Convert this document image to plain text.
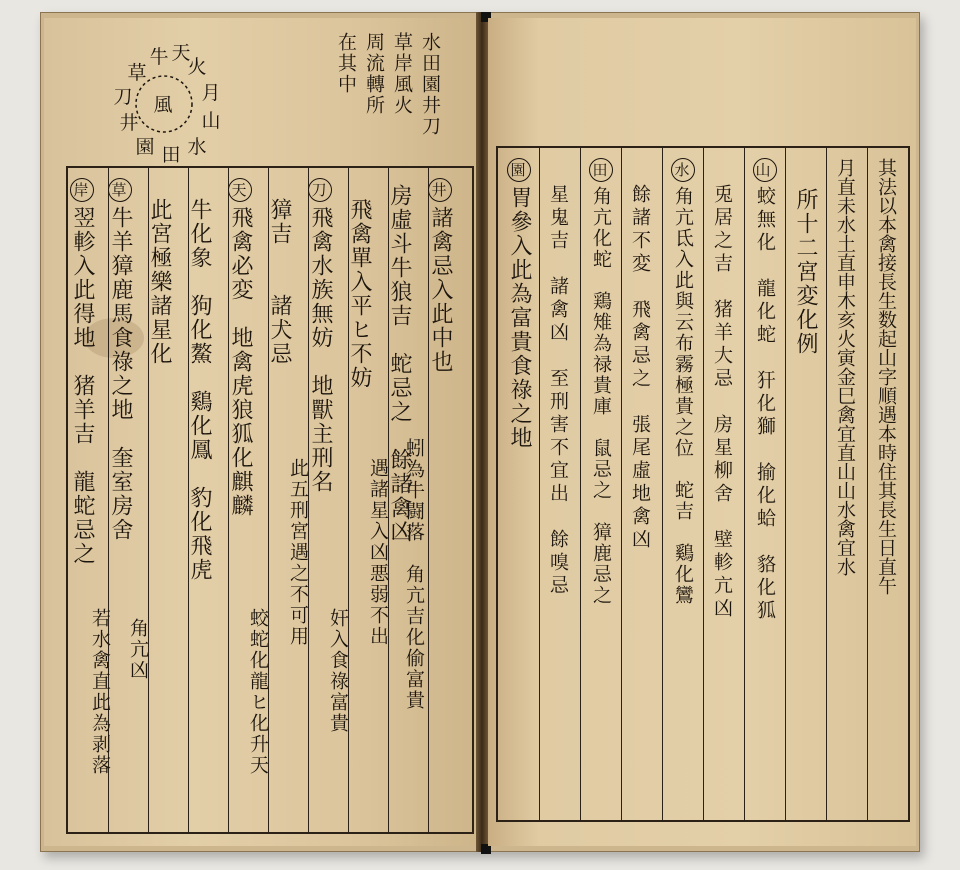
火
月
山
水
田
園
井
刀
草
牛 天
風	水田園井刀
草岸風火
周流轉所
在其中
井諸禽忌入此中也
蚓為牛闘落　角亢吉化偷富貴
房虛斗牛狼吉　蛇忌之　餘諸禽凶
飛禽單入平ヒ不妨
遇諸星入凶悪弱不出
刀飛禽水族無妨　地獸主刑名
奸入食祿富貴
獐吉　　諸犬忌
此五刑宮遇之不可用
天飛禽必変　地禽虎狼狐化麒麟
蛟蛇化龍ヒ化升天
牛化象　狗化鰲　鷄化鳳　豹化飛虎
此宮極樂諸星化
草牛羊獐鹿馬食祿之地　奎室房舍
角亢凶
岸翌軫入此得地　猪羊吉　龍蛇忌之
若水禽直此為剥落
其法以本禽接長生数起山字順遇本時住其長生日直午
月直未水土直申木亥火寅金巳禽宜直山山水禽宜水
所十二宮変化例
山蛟無化　龍化蛇　犴化獅　揄化蛤　貉化狐
兎居之吉　猪羊大忌　房星柳舍　壁軫亢凶
水角亢氐入此與云布霧極貴之位　蛇吉　鷄化鸞
餘諸不変　飛禽忌之　張尾虛地禽凶
田角亢化蛇　鶏雉為禄貴庫　鼠忌之　獐鹿忌之
星鬼吉　諸禽凶　至刑害不宜出　餘嗅忌
園胃參入此為富貴食祿之地
